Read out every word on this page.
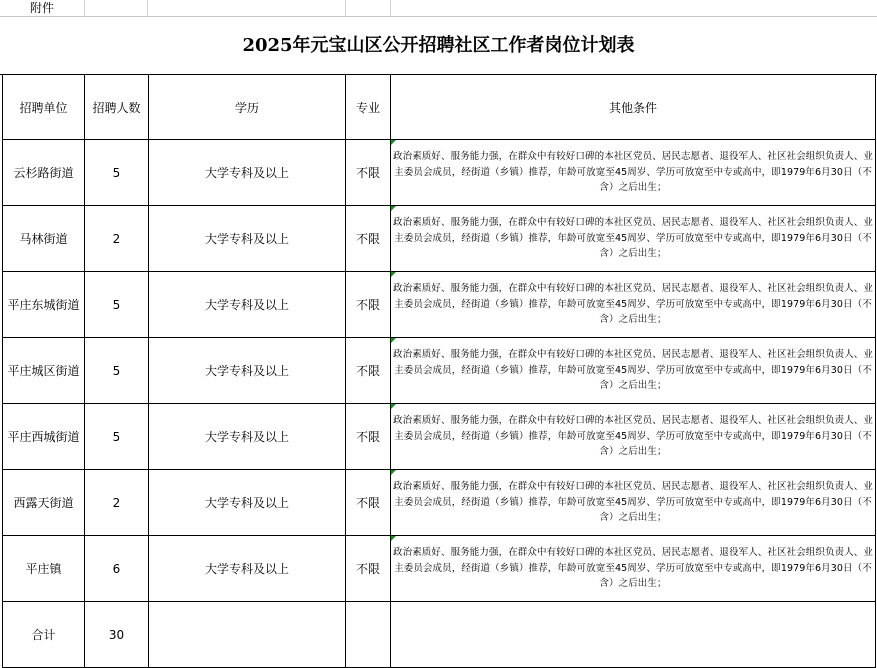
附件
2025年元宝山区公开招聘社区工作者岗位计划表
招聘单位	招聘人数	学历	专业	其他条件
云杉路街道	5	大学专科及以上	不限	政治素质好、服务能力强，在群众中有较好口碑的本社区党员、居民志愿者、退役军人、社区社会组织负责人、业主委员会成员，经街道（乡镇）推荐，年龄可放宽至45周岁、学历可放宽至中专或高中，即1979年6月30日（不含）之后出生；

马林街道	2	大学专科及以上	不限	政治素质好、服务能力强，在群众中有较好口碑的本社区党员、居民志愿者、退役军人、社区社会组织负责人、业主委员会成员，经街道（乡镇）推荐，年龄可放宽至45周岁、学历可放宽至中专或高中，即1979年6月30日（不含）之后出生；

平庄东城街道	5	大学专科及以上	不限	政治素质好、服务能力强，在群众中有较好口碑的本社区党员、居民志愿者、退役军人、社区社会组织负责人、业主委员会成员，经街道（乡镇）推荐，年龄可放宽至45周岁、学历可放宽至中专或高中，即1979年6月30日（不含）之后出生；

平庄城区街道	5	大学专科及以上	不限	政治素质好、服务能力强，在群众中有较好口碑的本社区党员、居民志愿者、退役军人、社区社会组织负责人、业主委员会成员，经街道（乡镇）推荐，年龄可放宽至45周岁、学历可放宽至中专或高中，即1979年6月30日（不含）之后出生；

平庄西城街道	5	大学专科及以上	不限	政治素质好、服务能力强，在群众中有较好口碑的本社区党员、居民志愿者、退役军人、社区社会组织负责人、业主委员会成员，经街道（乡镇）推荐，年龄可放宽至45周岁、学历可放宽至中专或高中，即1979年6月30日（不含）之后出生；

西露天街道	2	大学专科及以上	不限	政治素质好、服务能力强，在群众中有较好口碑的本社区党员、居民志愿者、退役军人、社区社会组织负责人、业主委员会成员，经街道（乡镇）推荐，年龄可放宽至45周岁、学历可放宽至中专或高中，即1979年6月30日（不含）之后出生；

平庄镇	6	大学专科及以上	不限	政治素质好、服务能力强，在群众中有较好口碑的本社区党员、居民志愿者、退役军人、社区社会组织负责人、业主委员会成员，经街道（乡镇）推荐，年龄可放宽至45周岁、学历可放宽至中专或高中，即1979年6月30日（不含）之后出生；

合计	30			
